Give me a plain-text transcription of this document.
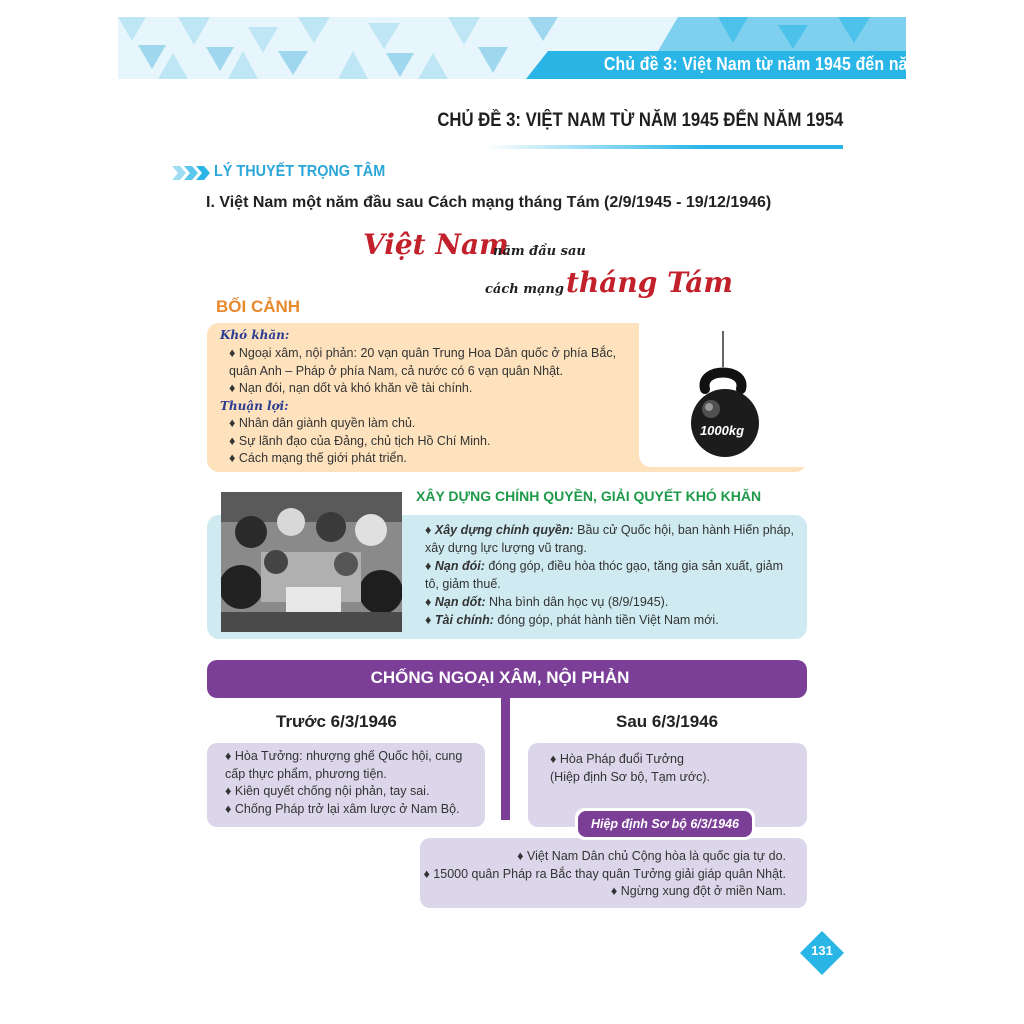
Chủ đề 3: Việt Nam từ năm 1945 đến năm 1954
CHỦ ĐỀ 3: VIỆT NAM TỪ NĂM 1945 ĐẾN NĂM 1954
LÝ THUYẾT TRỌNG TÂM
I. Việt Nam một năm đầu sau Cách mạng tháng Tám (2/9/1945 - 19/12/1946)
Việt Nam
năm đầu sau
cách mạng tháng Tám
BỐI CẢNH
1000kg
Khó khăn:
♦ Ngoại xâm, nội phản: 20 vạn quân Trung Hoa Dân quốc ở phía Bắc, quân Anh – Pháp ở phía Nam, cả nước có 6 vạn quân Nhật.
♦ Nạn đói, nạn dốt và khó khăn về tài chính.
Thuận lợi:
♦ Nhân dân giành quyền làm chủ.
♦ Sự lãnh đạo của Đảng, chủ tịch Hồ Chí Minh.
♦ Cách mạng thế giới phát triển.
XÂY DỰNG CHÍNH QUYỀN, GIẢI QUYẾT KHÓ KHĂN
♦ Xây dựng chính quyền: Bầu cử Quốc hội, ban hành Hiến pháp, xây dựng lực lượng vũ trang.
♦ Nạn đói: đóng góp, điều hòa thóc gạo, tăng gia sản xuất, giảm tô, giảm thuế.
♦ Nạn dốt: Nha bình dân học vụ (8/9/1945).
♦ Tài chính: đóng góp, phát hành tiền Việt Nam mới.
CHỐNG NGOẠI XÂM, NỘI PHẢN
Trước 6/3/1946	Sau 6/3/1946
♦ Hòa Tưởng: nhượng ghế Quốc hội, cung cấp thực phẩm, phương tiện.
♦ Kiên quyết chống nội phản, tay sai.
♦ Chống Pháp trở lại xâm lược ở Nam Bộ.
♦ Hòa Pháp đuổi Tưởng
(Hiệp định Sơ bộ, Tạm ước).
♦ Việt Nam Dân chủ Cộng hòa là quốc gia tự do.
♦ 15000 quân Pháp ra Bắc thay quân Tưởng giải giáp quân Nhật.
♦ Ngừng xung đột ở miền Nam.
Hiệp định Sơ bộ 6/3/1946
131
